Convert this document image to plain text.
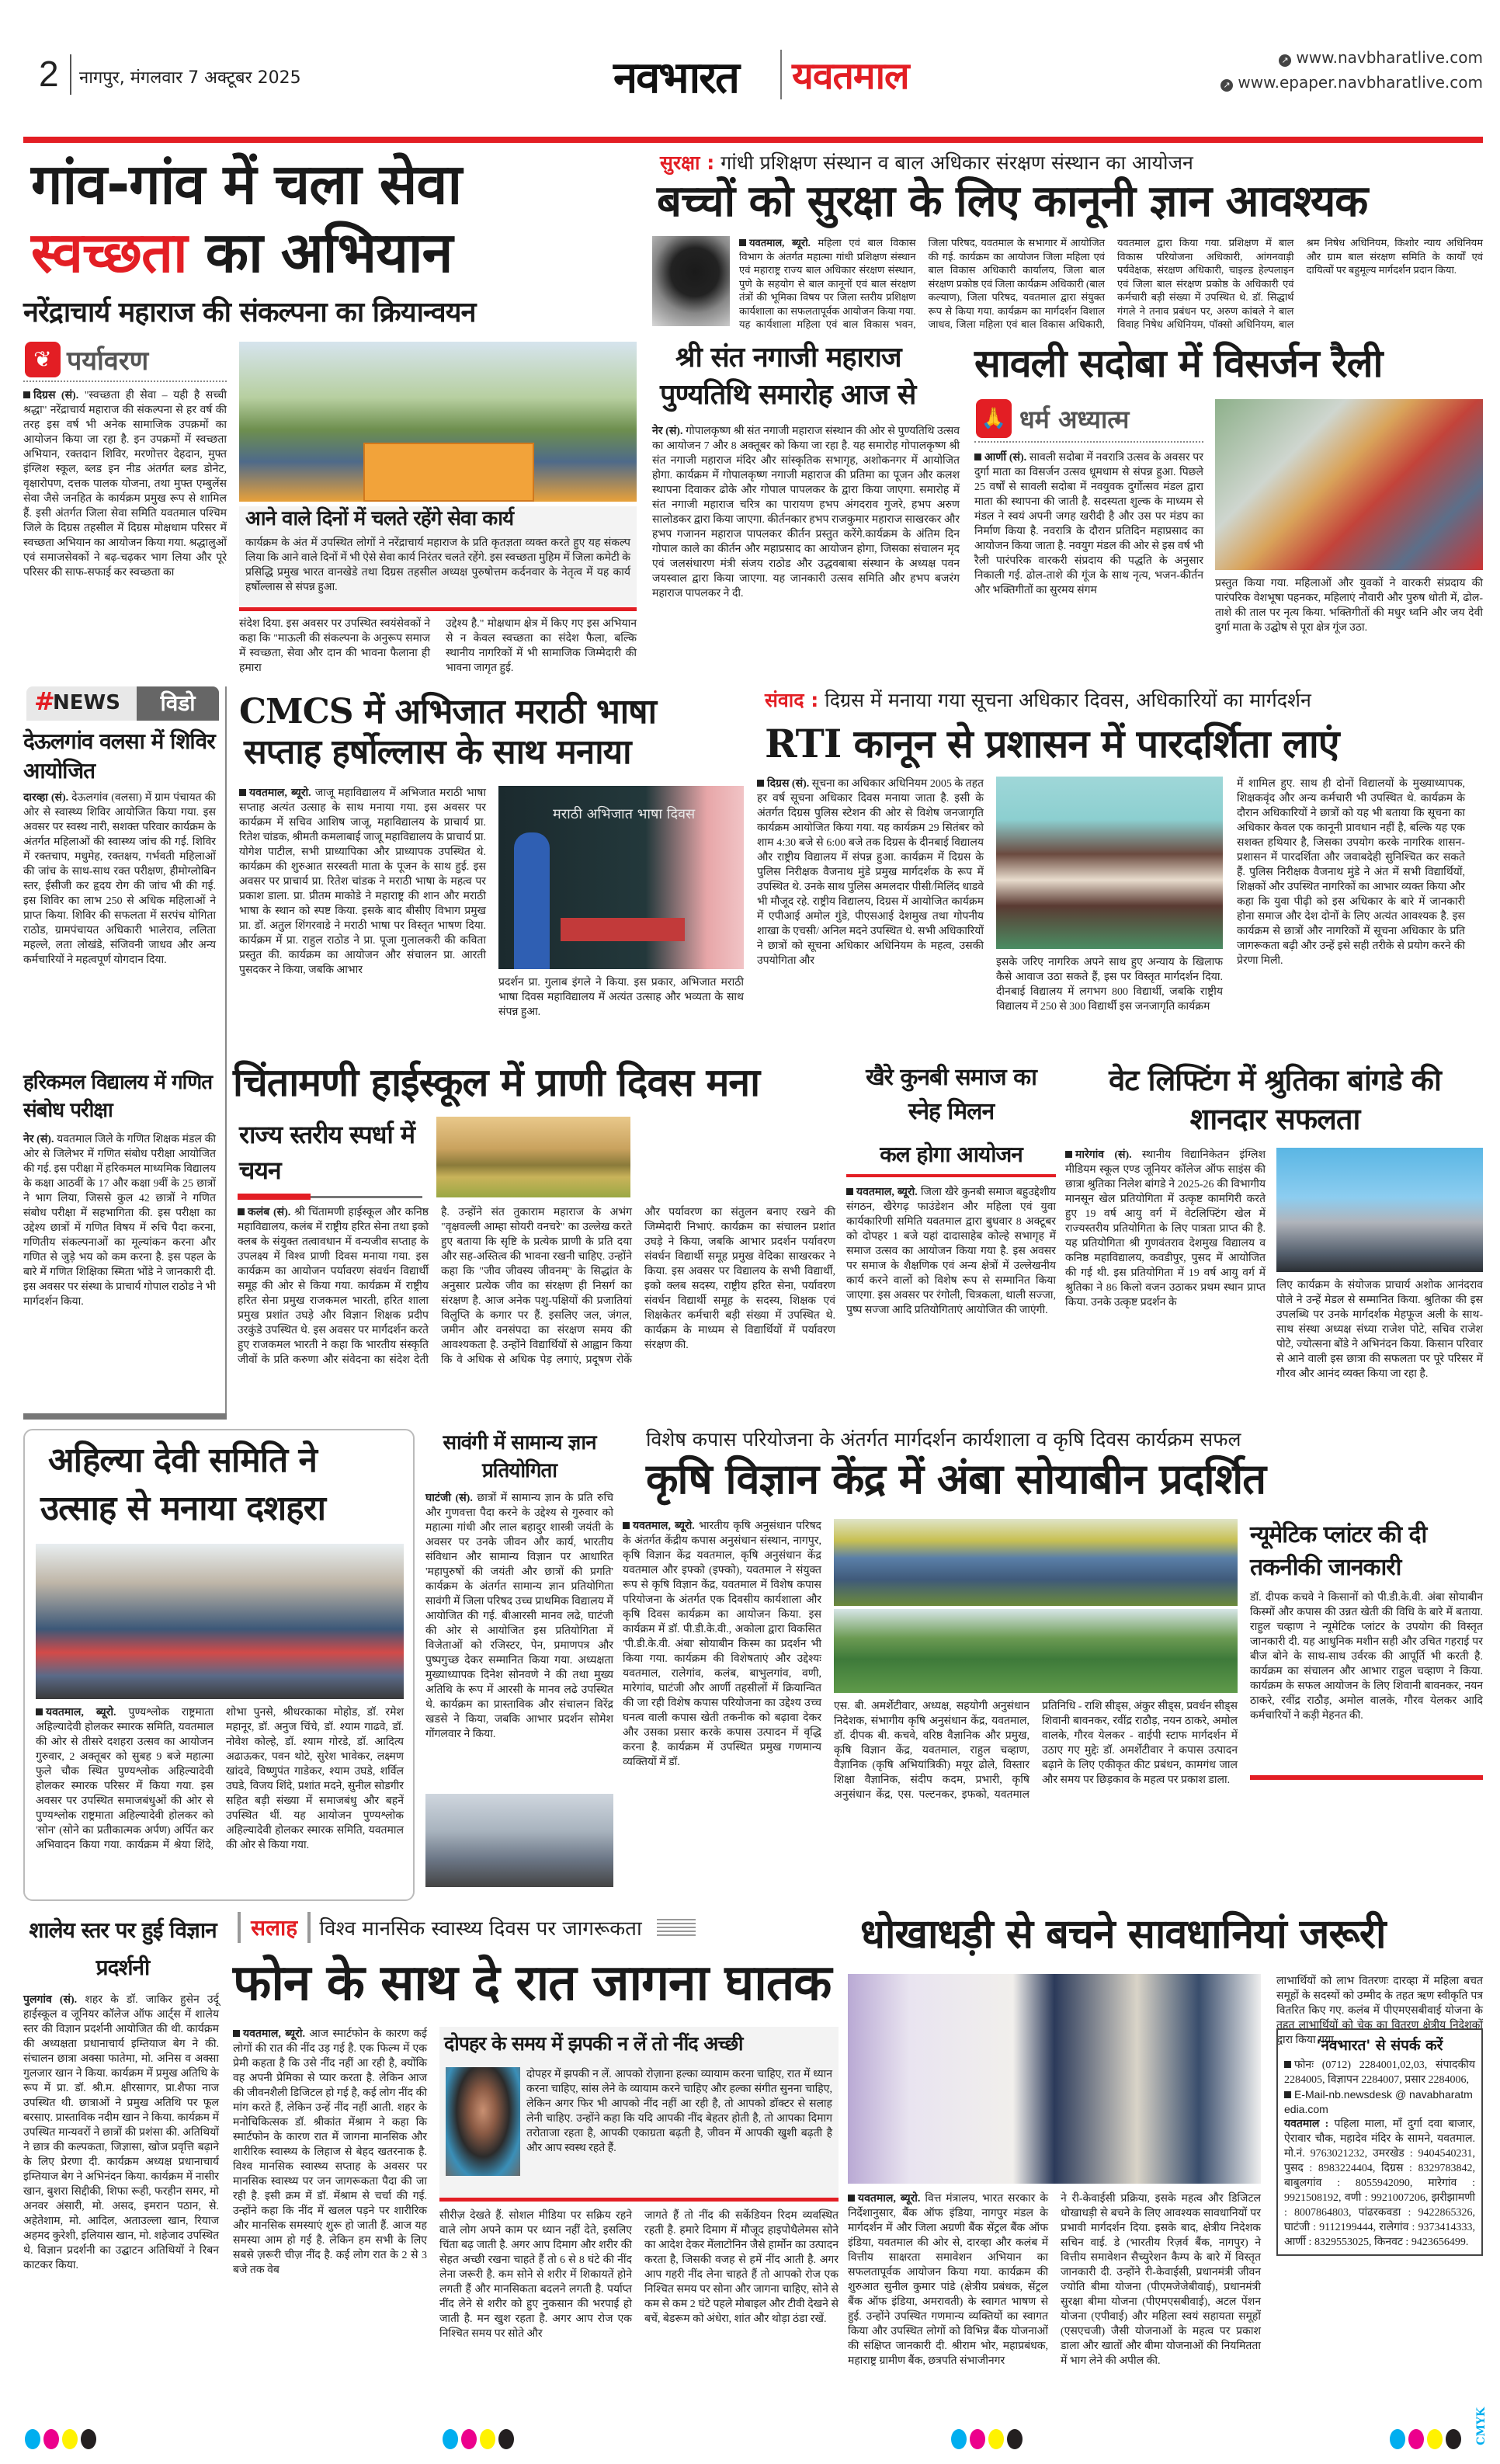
2 नागपुर, मंगलवार 7 अक्टूबर 2025	नवभारत यवतमाल	↗ www.navbharatlive.com
↗ www.epaper.navbharatlive.com
गांव-गांव में चला सेवा
स्वच्छता का अभियान
नरेंद्राचार्य महाराज की संकल्पना का क्रियान्वयन
❦ पर्यावरण
दिग्रस (सं). "स्वच्छता ही सेवा – यही है सच्ची श्रद्धा" नरेंद्राचार्य महाराज की संकल्पना से हर वर्ष की तरह इस वर्ष भी अनेक सामाजिक उपक्रमों का आयोजन किया जा रहा है. इन उपक्रमों में स्वच्छता अभियान, रक्तदान शिविर, मरणोत्तर देहदान, मुफ्त इंग्लिश स्कूल, ब्लड इन नीड अंतर्गत ब्लड डोनेट, वृक्षारोपण, दत्तक पालक योजना, तथा मुफ्त एम्बुलेंस सेवा जैसे जनहित के कार्यक्रम प्रमुख रूप से शामिल हैं. इसी अंतर्गत जिला सेवा समिति यवतमाल पश्चिम जिले के दिग्रस तहसील में दिग्रस मोक्षधाम परिसर में स्वच्छता अभियान का आयोजन किया गया. श्रद्धालुओं एवं समाजसेवकों ने बढ़-चढ़कर भाग लिया और पूरे परिसर की साफ-सफाई कर स्वच्छता का
आने वाले दिनों में चलते रहेंगे सेवा कार्य
कार्यक्रम के अंत में उपस्थित लोगों ने नरेंद्राचार्य महाराज के प्रति कृतज्ञता व्यक्त करते हुए यह संकल्प लिया कि आने वाले दिनों में भी ऐसे सेवा कार्य निरंतर चलते रहेंगे. इस स्वच्छता मुहिम में जिला कमेटी के प्रसिद्धि प्रमुख भारत वानखेडे तथा दिग्रस तहसील अध्यक्ष पुरुषोत्तम कर्दनवार के नेतृत्व में यह कार्य हर्षोल्लास से संपन्न हुआ.
संदेश दिया. इस अवसर पर उपस्थित स्वयंसेवकों ने कहा कि "माऊली की संकल्पना के अनुरूप समाज में स्वच्छता, सेवा और दान की भावना फैलाना ही हमारा
उद्देश्य है." मोक्षधाम क्षेत्र में किए गए इस अभियान से न केवल स्वच्छता का संदेश फैला, बल्कि स्थानीय नागरिकों में भी सामाजिक जिम्मेदारी की भावना जागृत हुई.
सुरक्षा : गांधी प्रशिक्षण संस्थान व बाल अधिकार संरक्षण संस्थान का आयोजन
बच्चों को सुरक्षा के लिए कानूनी ज्ञान आवश्यक
यवतमाल, ब्यूरो. महिला एवं बाल विकास विभाग के अंतर्गत महात्मा गांधी प्रशिक्षण संस्थान एवं महाराष्ट्र राज्य बाल अधिकार संरक्षण संस्थान, पुणे के सहयोग से बाल कानूनों एवं बाल संरक्षण तंत्रों की भूमिका विषय पर जिला स्तरीय प्रशिक्षण कार्यशाला का सफलतापूर्वक आयोजन किया गया. यह कार्यशाला महिला एवं बाल विकास भवन, जिला परिषद, यवतमाल के सभागार में आयोजित की गई. कार्यक्रम का आयोजन जिला महिला एवं बाल विकास अधिकारी कार्यालय, जिला बाल संरक्षण प्रकोष्ठ एवं जिला कार्यक्रम अधिकारी (बाल कल्याण), जिला परिषद, यवतमाल द्वारा संयुक्त रूप से किया गया. कार्यक्रम का मार्गदर्शन विशाल जाधव, जिला महिला एवं बाल विकास अधिकारी, यवतमाल द्वारा किया गया. प्रशिक्षण में बाल विकास परियोजना अधिकारी, आंगनवाड़ी पर्यवेक्षक, संरक्षण अधिकारी, चाइल्ड हेल्पलाइन एवं जिला बाल संरक्षण प्रकोष्ठ के अधिकारी एवं कर्मचारी बड़ी संख्या में उपस्थित थे. डॉ. सिद्धार्थ गंगले ने तनाव प्रबंधन पर, अरुण कांबले ने बाल विवाह निषेध अधिनियम, पॉक्सो अधिनियम, बाल श्रम निषेध अधिनियम, किशोर न्याय अधिनियम और ग्राम बाल संरक्षण समिति के कार्यों एवं दायित्वों पर बहुमूल्य मार्गदर्शन प्रदान किया.
श्री संत नगाजी महाराज
पुण्यतिथि समारोह आज से
नेर (सं). गोपालकृष्ण श्री संत नगाजी महाराज संस्थान की ओर से पुण्यतिथि उत्सव का आयोजन 7 और 8 अक्तूबर को किया जा रहा है. यह समारोह गोपालकृष्ण श्री संत नगाजी महाराज मंदिर और सांस्कृतिक सभागृह, अशोकनगर में आयोजित होगा. कार्यक्रम में गोपालकृष्ण नगाजी महाराज की प्रतिमा का पूजन और कलश स्थापना दिवाकर ढोके और गोपाल पापलकर के द्वारा किया जाएगा. समारोह में संत नगाजी महाराज चरित्र का पारायण हभप अंगदराव गुजरे, हभप अरुण सालोडकर द्वारा किया जाएगा. कीर्तनकार हभप राजकुमार महाराज साखरकर और हभप गजानन महाराज पापलकर कीर्तन प्रस्तुत करेंगे.कार्यक्रम के अंतिम दिन गोपाल काले का कीर्तन और महाप्रसाद का आयोजन होगा, जिसका संचालन मृद एवं जलसंधारण मंत्री संजय राठोड और उद्धवबाबा संस्थान के अध्यक्ष पवन जयस्वाल द्वारा किया जाएगा. यह जानकारी उत्सव समिति और हभप बजरंग महाराज पापलकर ने दी.
सावली सदोबा में विसर्जन रैली
🙏 धर्म अध्यात्म
आर्णी (सं). सावली सदोबा में नवरात्रि उत्सव के अवसर पर दुर्गा माता का विसर्जन उत्सव धूमधाम से संपन्न हुआ. पिछले 25 वर्षों से सावली सदोबा में नवयुवक दुर्गोत्सव मंडल द्वारा माता की स्थापना की जाती है. सदस्यता शुल्क के माध्यम से मंडल ने स्वयं अपनी जगह खरीदी है और उस पर मंडप का निर्माण किया है. नवरात्रि के दौरान प्रतिदिन महाप्रसाद का आयोजन किया जाता है. नवयुग मंडल की ओर से इस वर्ष भी रैली पारंपरिक वारकरी संप्रदाय की पद्धति के अनुसार निकाली गई. ढोल-ताशे की गूंज के साथ नृत्य, भजन-कीर्तन और भक्तिगीतों का सुरमय संगम
प्रस्तुत किया गया. महिलाओं और युवकों ने वारकरी संप्रदाय की पारंपरिक वेशभूषा पहनकर, महिलाएं नौवारी और पुरुष धोती में, ढोल-ताशे की ताल पर नृत्य किया. भक्तिगीतों की मधुर ध्वनि और जय देवी दुर्गा माता के उद्घोष से पूरा क्षेत्र गूंज उठा.
#
NEWS	विडो
देऊलगांव वलसा में शिविर आयोजित
दारव्हा (सं). देऊलगांव (वलसा) में ग्राम पंचायत की ओर से स्वास्थ्य शिविर आयोजित किया गया. इस अवसर पर स्वस्थ नारी, सशक्त परिवार कार्यक्रम के अंतर्गत महिलाओं की स्वास्थ्य जांच की गई. शिविर में रक्तचाप, मधुमेह, रक्तक्षय, गर्भवती महिलाओं की जांच के साथ-साथ रक्त परीक्षण, हीमोग्लोबिन स्तर, ईसीजी कर हृदय रोग की जांच भी की गई. इस शिविर का लाभ 250 से अधिक महिलाओं ने प्राप्त किया. शिविर की सफलता में सरपंच योगिता राठोड, ग्रामपंचायत अधिकारी भालेराव, ललिता महल्ले, लता लोखंडे, संजिवनी जाधव और अन्य कर्मचारियों ने महत्वपूर्ण योगदान दिया.
हरिकमल विद्यालय में गणित संबोध परीक्षा
नेर (सं). यवतमाल जिले के गणित शिक्षक मंडल की ओर से जिलेभर में गणित संबोध परीक्षा आयोजित की गई. इस परीक्षा में हरिकमल माध्यमिक विद्यालय के कक्षा आठवीं के 17 और कक्षा 9वीं के 25 छात्रों ने भाग लिया, जिससे कुल 42 छात्रों ने गणित संबोध परीक्षा में सहभागिता की. इस परीक्षा का उद्देश्य छात्रों में गणित विषय में रुचि पैदा करना, गणितीय संकल्पनाओं का मूल्यांकन करना और गणित से जुड़े भय को कम करना है. इस पहल के बारे में गणित शिक्षिका स्मिता भोंडे ने जानकारी दी. इस अवसर पर संस्था के प्राचार्य गोपाल राठोड ने भी मार्गदर्शन किया.
CMCS में अभिजात मराठी भाषा
सप्ताह हर्षोल्लास के साथ मनाया
यवतमाल, ब्यूरो. जाजू महाविद्यालय में अभिजात मराठी भाषा सप्ताह अत्यंत उत्साह के साथ मनाया गया. इस अवसर पर कार्यक्रम में सचिव आशिष जाजू, महाविद्यालय के प्राचार्य प्रा. रितेश चांडक, श्रीमती कमलाबाई जाजू महाविद्यालय के प्राचार्य प्रा. योगेश पाटील, सभी प्राध्यापिका और प्राध्यापक उपस्थित थे. कार्यक्रम की शुरुआत सरस्वती माता के पूजन के साथ हुई. इस अवसर पर प्राचार्य प्रा. रितेश चांडक ने मराठी भाषा के महत्व पर प्रकाश डाला. प्रा. प्रीतम माकोडे ने महाराष्ट्र की शान और मराठी भाषा के स्थान को स्पष्ट किया. इसके बाद बीसीए विभाग प्रमुख प्रा. डॉ. अतुल शिंगरवाडे ने मराठी भाषा पर विस्तृत भाषण दिया. कार्यक्रम में प्रा. राहुल राठोड ने प्रा. पूजा गुलालकरी की कविता प्रस्तुत की. कार्यक्रम का आयोजन और संचालन प्रा. आरती पुसदकर ने किया, जबकि आभार
मराठी अभिजात भाषा दिवस
प्रदर्शन प्रा. गुलाब इंगले ने किया. इस प्रकार, अभिजात मराठी भाषा दिवस महाविद्यालय में अत्यंत उत्साह और भव्यता के साथ संपन्न हुआ.
संवाद : दिग्रस में मनाया गया सूचना अधिकार दिवस, अधिकारियों का मार्गदर्शन
RTI कानून से प्रशासन में पारदर्शिता लाएं
दिग्रस (सं). सूचना का अधिकार अधिनियम 2005 के तहत हर वर्ष सूचना अधिकार दिवस मनाया जाता है. इसी के अंतर्गत दिग्रस पुलिस स्टेशन की ओर से विशेष जनजागृति कार्यक्रम आयोजित किया गया. यह कार्यक्रम 29 सितंबर को शाम 4:30 बजे से 6:00 बजे तक दिग्रस के दीनबाई विद्यालय और राष्ट्रीय विद्यालय में संपन्न हुआ. कार्यक्रम में दिग्रस के पुलिस निरीक्षक वैजनाथ मुंडे प्रमुख मार्गदर्शक के रूप में उपस्थित थे. उनके साथ पुलिस अमलदार पीसी/मिलिंद धाडवे भी मौजूद रहे. राष्ट्रीय विद्यालय, दिग्रस में आयोजित कार्यक्रम में एपीआई अमोल गुंडे, पीएसआई देशमुख तथा गोपनीय शाखा के एचसी/ अनिल मदने उपस्थित थे. सभी अधिकारियों ने छात्रों को सूचना अधिकार अधिनियम के महत्व, उसकी उपयोगिता और	इसके जरिए नागरिक अपने साथ हुए अन्याय के खिलाफ कैसे आवाज उठा सकते हैं, इस पर विस्तृत मार्गदर्शन दिया. दीनबाई विद्यालय में लगभग 800 विद्यार्थी, जबकि राष्ट्रीय विद्यालय में 250 से 300 विद्यार्थी इस जनजागृति कार्यक्रम
में शामिल हुए. साथ ही दोनों विद्यालयों के मुख्याध्यापक, शिक्षकवृंद और अन्य कर्मचारी भी उपस्थित थे. कार्यक्रम के दौरान अधिकारियों ने छात्रों को यह भी बताया कि सूचना का अधिकार केवल एक कानूनी प्रावधान नहीं है, बल्कि यह एक सशक्त हथियार है, जिसका उपयोग करके नागरिक शासन-प्रशासन में पारदर्शिता और जवाबदेही सुनिश्चित कर सकते हैं. पुलिस निरीक्षक वैजनाथ मुंडे ने अंत में सभी विद्यार्थियों, शिक्षकों और उपस्थित नागरिकों का आभार व्यक्त किया और कहा कि युवा पीढ़ी को इस अधिकार के बारे में जानकारी होना समाज और देश दोनों के लिए अत्यंत आवश्यक है. इस कार्यक्रम से छात्रों और नागरिकों में सूचना अधिकार के प्रति जागरूकता बढ़ी और उन्हें इसे सही तरीके से प्रयोग करने की प्रेरणा मिली.
चिंतामणी हाईस्कूल में प्राणी दिवस मना
राज्य स्तरीय स्पर्धा में चयन
कलंब (सं). श्री चिंतामणी हाईस्कूल और कनिष्ठ महाविद्यालय, कलंब में राष्ट्रीय हरित सेना तथा इको क्लब के संयुक्त तत्वावधान में वन्यजीव सप्ताह के उपलक्ष्य में विश्व प्राणी दिवस मनाया गया. इस कार्यक्रम का आयोजन पर्यावरण संवर्धन विद्यार्थी समूह की ओर से किया गया. कार्यक्रम में राष्ट्रीय हरित सेना प्रमुख राजकमल भारती, हरित शाला प्रमुख प्रशांत उघड़े और विज्ञान शिक्षक प्रदीप उरकुंडे उपस्थित थे. इस अवसर पर मार्गदर्शन करते हुए राजकमल भारती ने कहा कि भारतीय संस्कृति जीवों के प्रति करुणा और संवेदना का संदेश देती है. उन्होंने संत तुकाराम महाराज के अभंग "वृक्षवल्ली आम्हा सोयरी वनचरे" का उल्लेख करते हुए बताया कि सृष्टि के प्रत्येक प्राणी के प्रति दया और सह-अस्तित्व की भावना रखनी चाहिए. उन्होंने कहा कि "जीव जीवस्य जीवनम्" के सिद्धांत के अनुसार प्रत्येक जीव का संरक्षण ही निसर्ग का संरक्षण है. आज अनेक पशु-पक्षियों की प्रजातियां विलुप्ति के कगार पर हैं. इसलिए जल, जंगल, जमीन और वनसंपदा का संरक्षण समय की आवश्यकता है. उन्होंने विद्यार्थियों से आह्वान किया कि वे अधिक से अधिक पेड़ लगाएं, प्रदूषण रोकें और पर्यावरण का संतुलन बनाए रखने की जिम्मेदारी निभाएं. कार्यक्रम का संचालन प्रशांत उघड़े ने किया, जबकि आभार प्रदर्शन पर्यावरण संवर्धन विद्यार्थी समूह प्रमुख वेदिका साखरकर ने किया. इस अवसर पर विद्यालय के सभी विद्यार्थी, इको क्लब सदस्य, राष्ट्रीय हरित सेना, पर्यावरण संवर्धन विद्यार्थी समूह के सदस्य, शिक्षक एवं शिक्षकेतर कर्मचारी बड़ी संख्या में उपस्थित थे. कार्यक्रम के माध्यम से विद्यार्थियों में पर्यावरण संरक्षण की.
खैरे कुनबी समाज का स्नेह मिलन
कल होगा आयोजन
यवतमाल, ब्यूरो. जिला खैरे कुनबी समाज बहुउद्देशीय संगठन, खैरेगढ़ फाउंडेशन और महिला एवं युवा कार्यकारिणी समिति यवतमाल द्वारा बुधवार 8 अक्टूबर को दोपहर 1 बजे यहां दादासाहेब कोल्हे सभागृह में समाज उत्सव का आयोजन किया गया है. इस अवसर पर समाज के शैक्षणिक एवं अन्य क्षेत्रों में उल्लेखनीय कार्य करने वालों को विशेष रूप से सम्मानित किया जाएगा. इस अवसर पर रंगोली, चित्रकला, थाली सज्जा, पुष्प सज्जा आदि प्रतियोगिताएं आयोजित की जाएंगी.
वेट लिफ्टिंग में श्रुतिका बांगडे की शानदार सफलता
मारेगांव (सं). स्थानीय विद्यानिकेतन इंग्लिश मीडियम स्कूल एण्ड जूनियर कॉलेज ऑफ साइंस की छात्रा श्रुतिका निलेश बांगडे ने 2025-26 की विभागीय मानसून खेल प्रतियोगिता में उत्कृष्ट कामगिरी करते हुए 19 वर्ष आयु वर्ग में वेटलिफ्टिंग खेल में राज्यस्तरीय प्रतियोगिता के लिए पात्रता प्राप्त की है. यह प्रतियोगिता श्री गुणवंतराव देशमुख विद्यालय व कनिष्ठ महाविद्यालय, कवडीपुर, पुसद में आयोजित की गई थी. इस प्रतियोगिता में 19 वर्ष आयु वर्ग में श्रुतिका ने 86 किलो वजन उठाकर प्रथम स्थान प्राप्त किया. उनके उत्कृष्ट प्रदर्शन के
लिए कार्यक्रम के संयोजक प्राचार्य अशोक आनंदराव पोले ने उन्हें मेडल से सम्मानित किया. श्रुतिका की इस उपलब्धि पर उनके मार्गदर्शक मेहफूज अली के साथ-साथ संस्था अध्यक्ष संध्या राजेश पोटे, सचिव राजेश पोटे, ज्योत्सना बोंडे ने अभिनंदन किया. किसान परिवार से आने वाली इस छात्रा की सफलता पर पूरे परिसर में गौरव और आनंद व्यक्त किया जा रहा है.
अहिल्या देवी समिति ने
उत्साह से मनाया दशहरा
यवतमाल, ब्यूरो. पुण्यश्लोक राष्ट्रमाता अहिल्यादेवी होलकर स्मारक समिति, यवतमाल की ओर से तीसरे दशहरा उत्सव का आयोजन गुरुवार, 2 अक्तूबर को सुबह 9 बजे महात्मा फुले चौक स्थित पुण्यश्लोक अहिल्यादेवी होलकर स्मारक परिसर में किया गया. इस अवसर पर उपस्थित समाजबंधुओं की ओर से पुण्यश्लोक राष्ट्रमाता अहिल्यादेवी होलकर को 'सोन' (सोने का प्रतीकात्मक अर्पण) अर्पित कर अभिवादन किया गया. कार्यक्रम में श्रेया शिंदे, शोभा पुनसे, श्रीधरकाका मोहोड, डॉ. रमेश महानूर, डॉ. अनुज चिंचे, डॉ. श्याम गाढवे, डॉ. नोवेश कोल्हे, डॉ. श्याम गोरडे, डॉ. आदित्य अढाऊकर, पवन थोटे, सुरेश भावेकर, लक्ष्मण खांदवे, विष्णुपंत गाडेकर, श्याम उघडे, शर्विल उघडे, विजय शिंदे, प्रशांत मदने, सुनील सोडगीर सहित बड़ी संख्या में समाजबंधु और बहनें उपस्थित थीं. यह आयोजन पुण्यश्लोक अहिल्यादेवी होलकर स्मारक समिति, यवतमाल की ओर से किया गया.
सावंगी में सामान्य ज्ञान प्रतियोगिता
घाटंजी (सं). छात्रों में सामान्य ज्ञान के प्रति रुचि और गुणवत्ता पैदा करने के उद्देश्य से गुरुवार को महात्मा गांधी और लाल बहादुर शास्त्री जयंती के अवसर पर उनके जीवन और कार्य, भारतीय संविधान और सामान्य विज्ञान पर आधारित 'महापुरुषों की जयंती और छात्रों की प्रगति' कार्यक्रम के अंतर्गत सामान्य ज्ञान प्रतियोगिता सावंगी में जिला परिषद उच्च प्राथमिक विद्यालय में आयोजित की गई. बीआरसी मानव लढे, घाटंजी की ओर से आयोजित इस प्रतियोगिता में विजेताओं को रजिस्टर, पेन, प्रमाणपत्र और पुष्पगुच्छ देकर सम्मानित किया गया. अध्यक्षता मुख्याध्यापक दिनेश सोनवणे ने की तथा मुख्य अतिथि के रूप में आरसी के मानव लढे उपस्थित थे. कार्यक्रम का प्रास्ताविक और संचालन विरेंद्र खडसे ने किया, जबकि आभार प्रदर्शन सोमेश गोंगलवार ने किया.
विशेष कपास परियोजना के अंतर्गत मार्गदर्शन कार्यशाला व कृषि दिवस कार्यक्रम सफल
कृषि विज्ञान केंद्र में अंबा सोयाबीन प्रदर्शित
यवतमाल, ब्यूरो. भारतीय कृषि अनुसंधान परिषद के अंतर्गत केंद्रीय कपास अनुसंधान संस्थान, नागपुर, कृषि विज्ञान केंद्र यवतमाल, कृषि अनुसंधान केंद्र यवतमाल और इफ्को (इफ्को), यवतमाल ने संयुक्त रूप से कृषि विज्ञान केंद्र, यवतमाल में विशेष कपास परियोजना के अंतर्गत एक दिवसीय कार्यशाला और कृषि दिवस कार्यक्रम का आयोजन किया. इस कार्यक्रम में डॉ. पी.डी.के.वी., अकोला द्वारा विकसित 'पी.डी.के.वी. अंबा' सोयाबीन किस्म का प्रदर्शन भी किया गया. कार्यक्रम की विशेषताएं और उद्देश्यः यवतमाल, रालेगांव, कलंब, बाभुलगांव, वणी, मारेगांव, घाटंजी और आर्णी तहसीलों में क्रियान्वित की जा रही विशेष कपास परियोजना का उद्देश्य उच्च घनत्व वाली कपास खेती तकनीक को बढ़ावा देकर और उसका प्रसार करके कपास उत्पादन में वृद्धि करना है. कार्यक्रम में उपस्थित प्रमुख गणमान्य व्यक्तियों में डॉ.
एस. बी. अमर्शेटीवार, अध्यक्ष, सहयोगी अनुसंधान निदेशक, संभागीय कृषि अनुसंधान केंद्र, यवतमाल, डॉ. दीपक बी. कचवे, वरिष्ठ वैज्ञानिक और प्रमुख, कृषि विज्ञान केंद्र, यवतमाल, राहुल चव्हाण, वैज्ञानिक (कृषि अभियांत्रिकी) मयूर ढोले, विस्तार शिक्षा वैज्ञानिक, संदीप कदम, प्रभारी, कृषि अनुसंधान केंद्र, एस. पल्टनकर, इफको, यवतमाल प्रतिनिधि - राशि सीड्स, अंकुर सीड्स, प्रवर्धन सीड्स शिवानी बावनकर, रवींद्र राठौड़, नयन ठाकरे, अमोल वालके, गौरव येलकर - वाईपी स्टाफ मार्गदर्शन में उठाए गए मुद्देः डॉ. अमर्शेटीवार ने कपास उत्पादन बढ़ाने के लिए एकीकृत कीट प्रबंधन, कामगंध जाल और समय पर छिड़काव के महत्व पर प्रकाश डाला.
न्यूमेटिक प्लांटर की दी तकनीकी जानकारी
डॉ. दीपक कचवे ने किसानों को पी.डी.के.वी. अंबा सोयाबीन किस्मों और कपास की उन्नत खेती की विधि के बारे में बताया. राहुल चव्हाण ने न्यूमेटिक प्लांटर के उपयोग की विस्तृत जानकारी दी. यह आधुनिक मशीन सही और उचित गहराई पर बीज बोने के साथ-साथ उर्वरक की आपूर्ति भी करती है. कार्यक्रम का संचालन और आभार राहुल चव्हाण ने किया. कार्यक्रम के सफल आयोजन के लिए शिवानी बावनकर, नयन ठाकरे, रवींद्र राठौड़, अमोल वालके, गौरव येलकर आदि कर्मचारियों ने कड़ी मेहनत की.
शालेय स्तर पर हुई विज्ञान प्रदर्शनी
पुलगांव (सं). शहर के डॉ. जाकिर हुसेन उर्दू हाईस्कूल व जूनियर कॉलेज ऑफ आर्ट्स में शालेय स्तर की विज्ञान प्रदर्शनी आयोजित की थी. कार्यक्रम की अध्यक्षता प्रधानाचार्य इम्तियाज बेग ने की. संचालन छात्रा अक्सा फातेमा, मो. अनिस व अक्सा गुलजार खान ने किया. कार्यक्रम में प्रमुख अतिथि के रूप में प्रा. डॉ. श्री.म. क्षीरसागर, प्रा.शैफा नाज उपस्थित थी. छात्राओं ने प्रमुख अतिथि पर फूल बरसाए. प्रास्ताविक नदीम खान ने किया. कार्यक्रम में उपस्थित मान्यवरों ने छात्रों की प्रशंसा की. अतिथियों ने छात्र की कल्पकता, जिज्ञासा, खोज प्रवृत्ति बढ़ाने के लिए प्रेरणा दी. कार्यक्रम अध्यक्ष प्रधानाचार्य इम्तियाज बेग ने अभिनंदन किया. कार्यक्रम में नासीर खान, बुशरा सिद्दीकी, शिफा रूही, फरहीन समर, मो अनवर अंसारी, मो. असद, इमरान पठान, से. अहेतेशाम, मो. आदिल, अताउल्ला खान, रियाज अहमद कुरेशी, इलियास खान, मो. शहेजाद उपस्थित थे. विज्ञान प्रदर्शनी का उद्घाटन अतिथियों ने रिबन काटकर किया.
सलाह विश्व मानसिक स्वास्थ्य दिवस पर जागरूकता
फोन के साथ दे रात जागना घातक
यवतमाल, ब्यूरो. आज स्मार्टफोन के कारण कई लोगों की रात की नींद उड़ गई है. एक फिल्म में एक प्रेमी कहता है कि उसे नींद नहीं आ रही है, क्योंकि वह अपनी प्रेमिका से प्यार करता है. लेकिन आज की जीवनशैली डिजिटल हो गई है, कई लोग नींद की मांग करते हैं, लेकिन उन्हें नींद नहीं आती. शहर के मनोचिकित्सक डॉ. श्रीकांत मेंश्राम ने कहा कि स्मार्टफोन के कारण रात में जागना मानसिक और शारीरिक स्वास्थ्य के लिहाज से बेहद खतरनाक है. विश्व मानसिक स्वास्थ्य सप्ताह के अवसर पर मानसिक स्वास्थ्य पर जन जागरूकता पैदा की जा रही है. इसी क्रम में डॉ. मेंश्राम से चर्चा की गई. उन्होंने कहा कि नींद में खलल पड़ने पर शारीरिक और मानसिक समस्याएं शुरू हो जाती हैं. आज यह समस्या आम हो गई है. लेकिन हम सभी के लिए सबसे ज़रूरी चीज़ नींद है. कई लोग रात के 2 से 3 बजे तक वेब
दोपहर के समय में झपकी न लें तो नींद अच्छी
दोपहर में झपकी न लें. आपको रोज़ाना हल्का व्यायाम करना चाहिए, रात में ध्यान करना चाहिए, सांस लेने के व्यायाम करने चाहिए और हल्का संगीत सुनना चाहिए, लेकिन अगर फिर भी आपको नींद नहीं आ रही है, तो आपको डॉक्टर से सलाह लेनी चाहिए. उन्होंने कहा कि यदि आपकी नींद बेहतर होती है, तो आपका दिमाग तरोताजा रहता है, आपकी एकाग्रता बढ़ती है, जीवन में आपकी खुशी बढ़ती है और आप स्वस्थ रहते हैं.
सीरीज़ देखते हैं. सोशल मीडिया पर सक्रिय रहने वाले लोग अपने काम पर ध्यान नहीं देते, इसलिए चिंता बढ़ जाती है. अगर आप दिमाग और शरीर की सेहत अच्छी रखना चाहते हैं तो 6 से 8 घंटे की नींद लेना जरूरी है. कम सोने से शरीर में शिकायतें होने लगती हैं और मानसिकता बदलने लगती है. पर्याप्त नींद लेने से शरीर को हुए नुकसान की भरपाई हो जाती है. मन खुश रहता है. अगर आप रोज एक निश्चित समय पर सोते और
जागते हैं तो नींद की सर्केडियन रिदम व्यवस्थित रहती है. हमारे दिमाग में मौजूद हाइपोथैलेमस सोने का आदेश देकर मेंलाटोनिन जैसे हार्मोन का उत्पादन करता है, जिसकी वजह से हमें नींद आती है. अगर आप गहरी नींद लेना चाहते हैं तो आपको रोज एक निश्चित समय पर सोना और जागना चाहिए, सोने से कम से कम 2 घंटे पहले मोबाइल और टीवी देखने से बचें, बेडरूम को अंधेरा, शांत और थोड़ा ठंडा रखें.
धोखाधड़ी से बचने सावधानियां जरूरी
यवतमाल, ब्यूरो. वित्त मंत्रालय, भारत सरकार के निर्देशानुसार, बैंक ऑफ इंडिया, नागपुर मंडल के मार्गदर्शन में और जिला अग्रणी बैंक सेंट्रल बैंक ऑफ इंडिया, यवतमाल की ओर से, दारव्हा और कलंब में वित्तीय साक्षरता समावेशन अभियान का सफलतापूर्वक आयोजन किया गया. कार्यक्रम की शुरुआत सुनील कुमार पांडे (क्षेत्रीय प्रबंधक, सेंट्रल बैंक ऑफ इंडिया, अमरावती) के स्वागत भाषण से हुई. उन्होंने उपस्थित गणमान्य व्यक्तियों का स्वागत किया और उपस्थित लोगों को विभिन्न बैंक योजनाओं की संक्षिप्त जानकारी दी. श्रीराम भोर, महाप्रबंधक, महाराष्ट्र ग्रामीण बैंक, छत्रपति संभाजीनगर
ने री-केवाईसी प्रक्रिया, इसके महत्व और डिजिटल धोखाधड़ी से बचने के लिए आवश्यक सावधानियों पर प्रभावी मार्गदर्शन दिया. इसके बाद, क्षेत्रीय निदेशक सचिन वाई. डे (भारतीय रिज़र्व बैंक, नागपुर) ने वित्तीय समावेशन सैच्युरेशन कैम्प के बारे में विस्तृत जानकारी दी. उन्होंने री-केवाईसी, प्रधानमंत्री जीवन ज्योति बीमा योजना (पीएमजेजेबीवाई), प्रधानमंत्री सुरक्षा बीमा योजना (पीएमएसबीवाई), अटल पेंशन योजना (एपीवाई) और महिला स्वयं सहायता समूहों (एसएचजी) जैसी योजनाओं के महत्व पर प्रकाश डाला और खातों और बीमा योजनाओं की नियमितता में भाग लेने की अपील की.
लाभार्थियों को लाभ वितरणः दारव्हा में महिला बचत समूहों के सदस्यों को उम्मीद के तहत ऋण स्वीकृति पत्र वितरित किए गए. कलंब में पीएमएसबीवाई योजना के तहत लाभार्थियों को चेक का वितरण क्षेत्रीय निदेशकों द्वारा किया गया.
'नवभारत' से संपर्क करें
फोनः (0712) 2284001,02,03, संपादकीय 2284005, विज्ञापन 2284007, प्रसार 2284006,
E-Mail-nb.newsdesk @ navabharatmedia.com
यवतमाल : पहिला माला, माँ दुर्गा दवा बाजार, ऐरावार चौक, महादेव मंदिर के सामने, यवतमाल. मो.नं. 9763021232, उमरखेड : 9404540231, पुसद : 8983224404, दिग्रस : 8329783842, बाबुलगांव : 8055942090, मारेगांव : 9921508192, वणी : 9921007206, झरीझामणी : 8007864803, पांढरकवडा : 9422865326, घाटंजी : 9112199444, रालेगांव : 9373414333, आर्णी : 8329553025, किनवट : 9423656499.
CMYK
